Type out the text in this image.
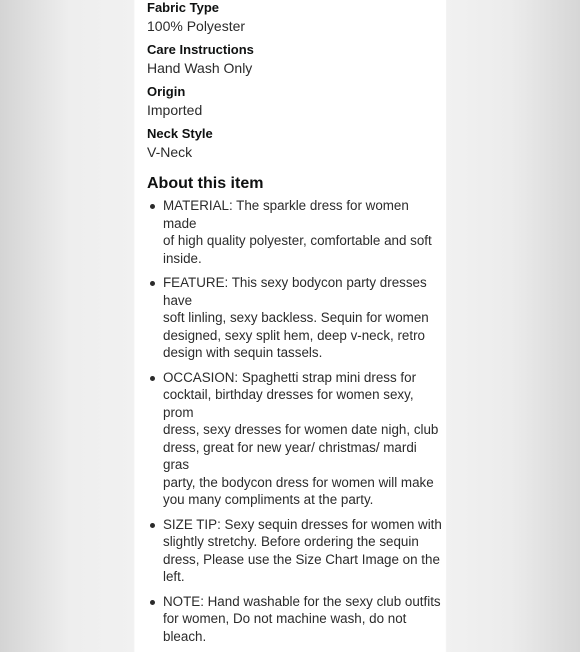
Fabric Type
100% Polyester
Care Instructions
Hand Wash Only
Origin
Imported
Neck Style
V-Neck
About this item
MATERIAL: The sparkle dress for women made
of high quality polyester, comfortable and soft
inside.
FEATURE: This sexy bodycon party dresses have
soft linling, sexy backless. Sequin for women
designed, sexy split hem, deep v-neck, retro
design with sequin tassels.
OCCASION: Spaghetti strap mini dress for
cocktail, birthday dresses for women sexy, prom
dress, sexy dresses for women date nigh, club
dress, great for new year/ christmas/ mardi gras
party, the bodycon dress for women will make
you many compliments at the party.
SIZE TIP: Sexy sequin dresses for women with
slightly stretchy. Before ordering the sequin
dress, Please use the Size Chart Image on the
left.
NOTE: Hand washable for the sexy club outfits
for women, Do not machine wash, do not
bleach.
